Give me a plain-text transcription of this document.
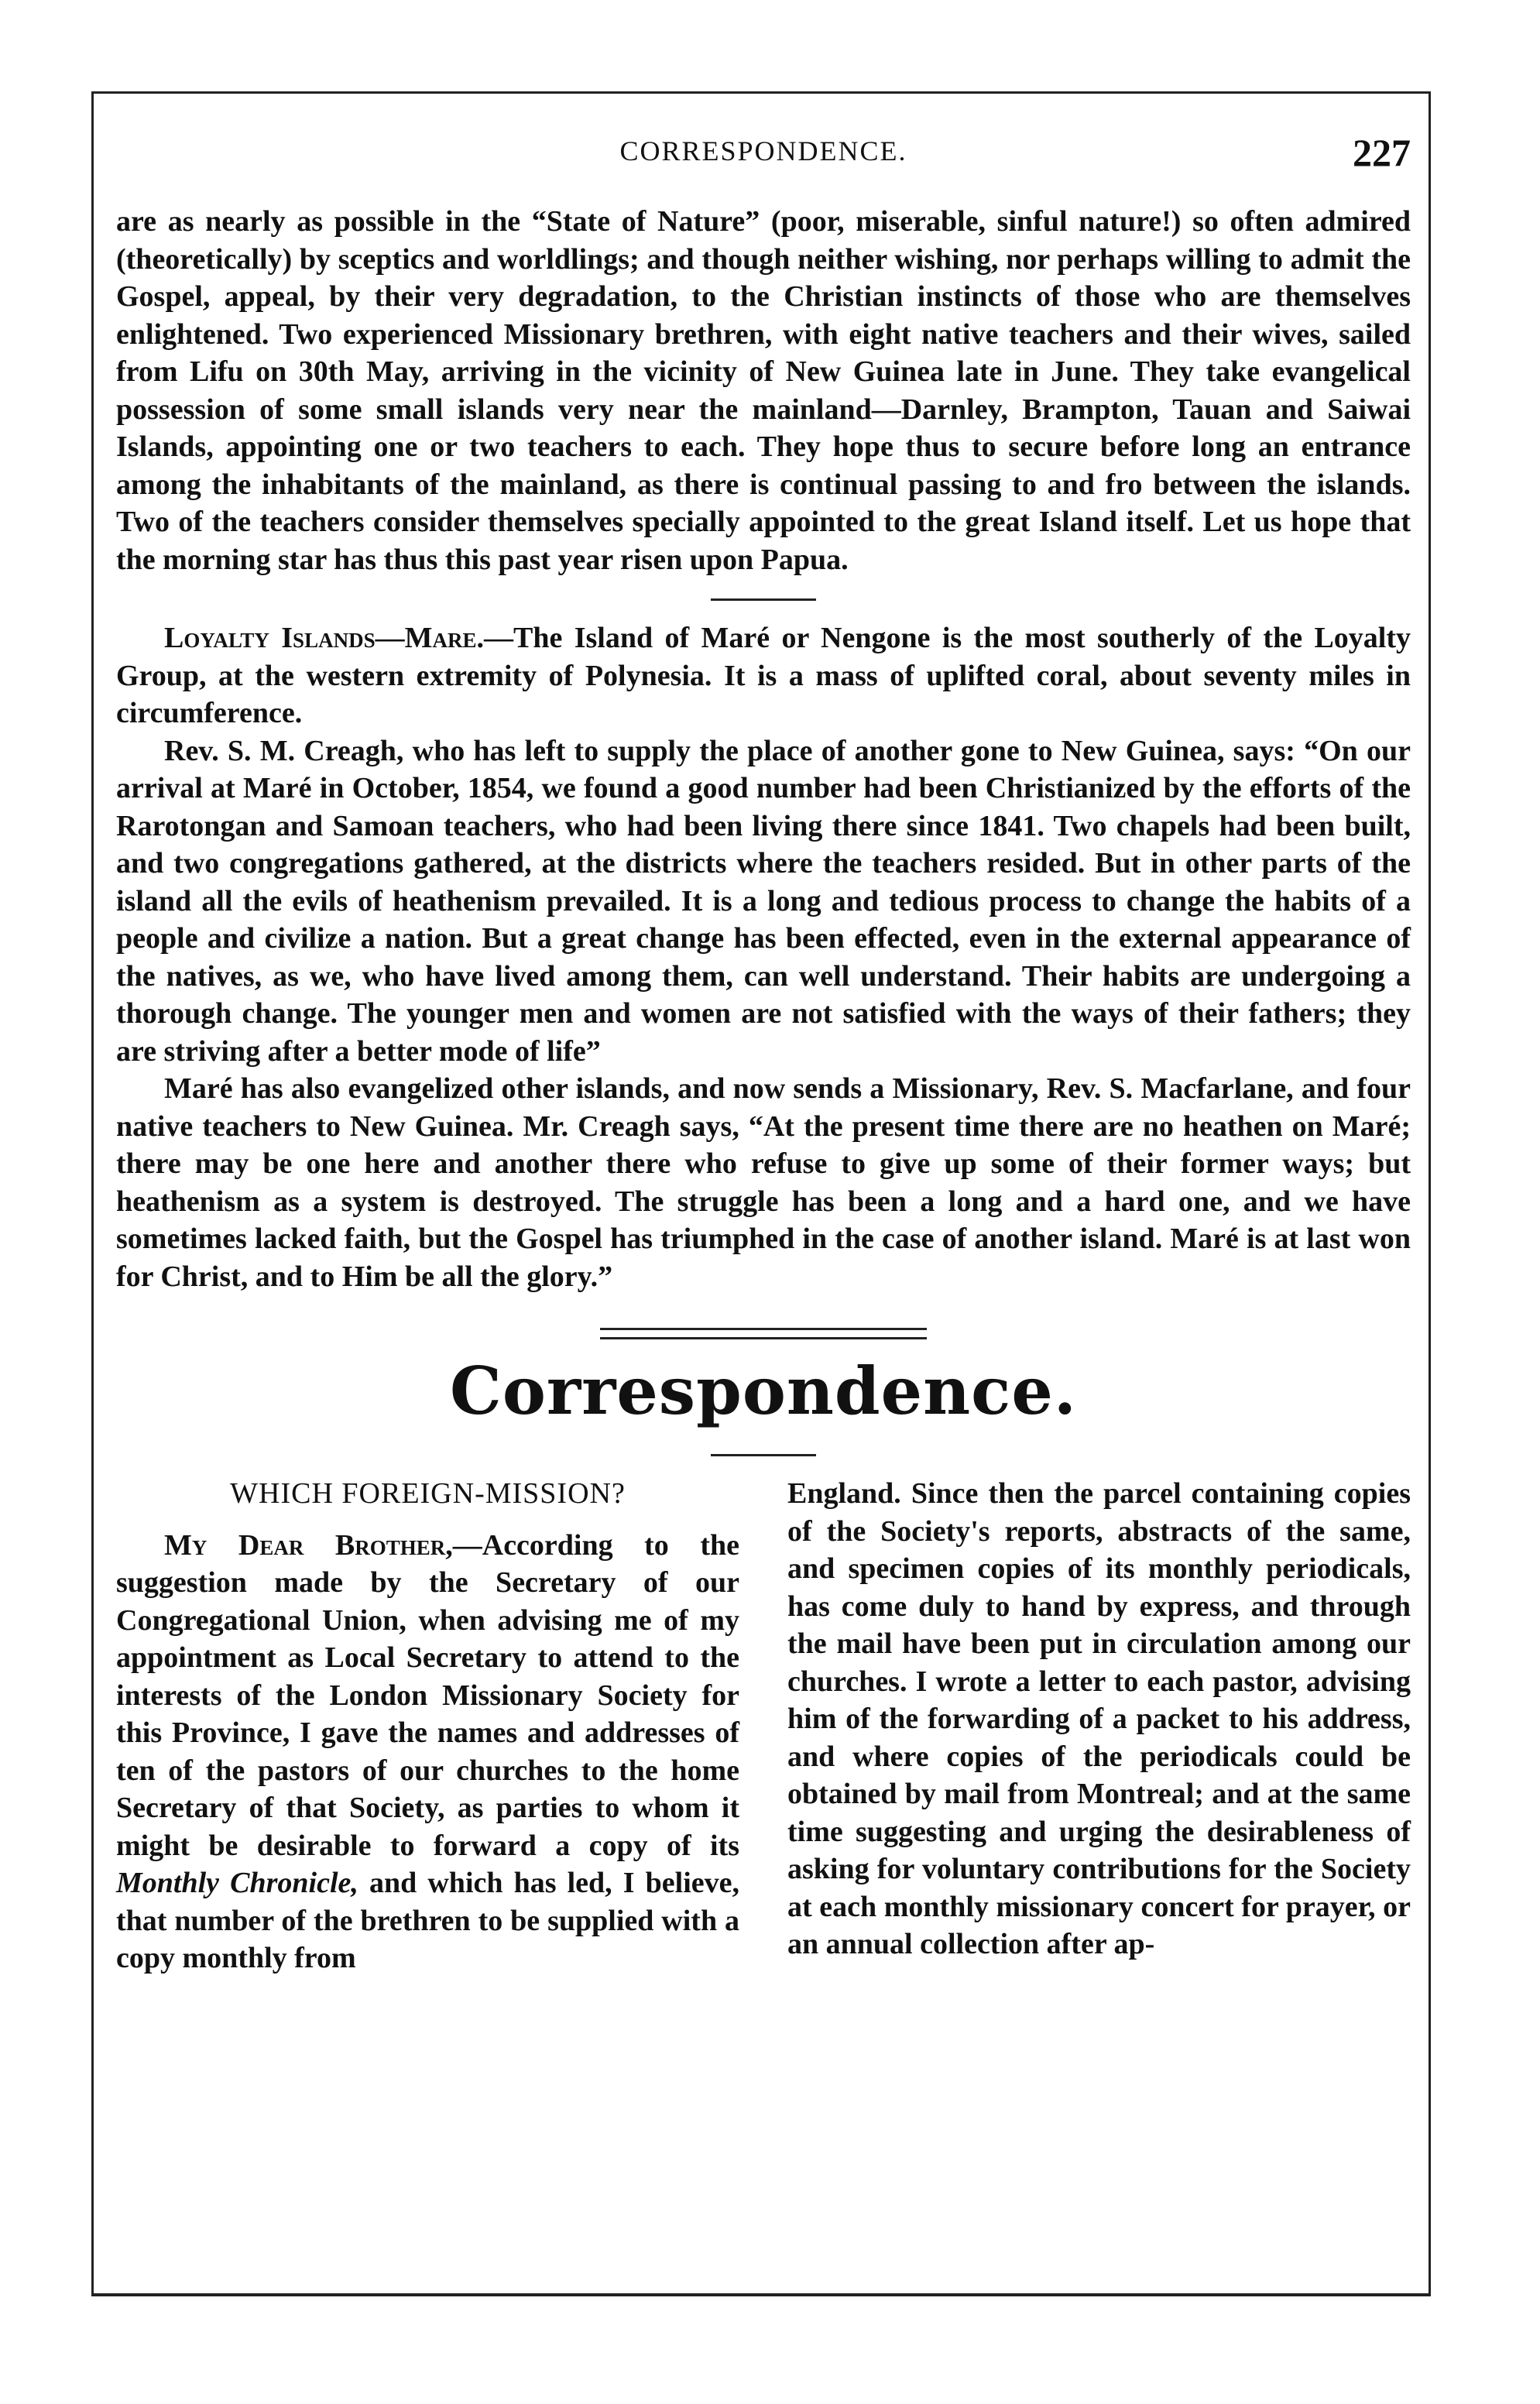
CORRESPONDENCE.	227

are as nearly as possible in the “State of Nature” (poor, miserable, sinful nature!) so often admired (theoretically) by sceptics and worldlings; and though neither wishing, nor perhaps willing to admit the Gospel, appeal, by their very degradation, to the Christian instincts of those who are themselves enlightened. Two experienced Missionary brethren, with eight native teachers and their wives, sailed from Lifu on 30th May, arriving in the vicinity of New Guinea late in June. They take evangelical possession of some small islands very near the mainland—Darnley, Brampton, Tauan and Saiwai Islands, appointing one or two teachers to each. They hope thus to secure before long an entrance among the inhabitants of the mainland, as there is continual passing to and fro between the islands. Two of the teachers consider themselves specially appointed to the great Island itself. Let us hope that the morning star has thus this past year risen upon Papua.

Loyalty Islands—Mare.—The Island of Maré or Nengone is the most southerly of the Loyalty Group, at the western extremity of Polynesia. It is a mass of uplifted coral, about seventy miles in circumference.

Rev. S. M. Creagh, who has left to supply the place of another gone to New Guinea, says: “On our arrival at Maré in October, 1854, we found a good number had been Christianized by the efforts of the Rarotongan and Samoan teachers, who had been living there since 1841. Two chapels had been built, and two congregations gathered, at the districts where the teachers resided. But in other parts of the island all the evils of heathenism prevailed. It is a long and tedious process to change the habits of a people and civilize a nation. But a great change has been effected, even in the external appearance of the natives, as we, who have lived among them, can well understand. Their habits are undergoing a thorough change. The younger men and women are not satisfied with the ways of their fathers; they are striving after a better mode of life”

Maré has also evangelized other islands, and now sends a Missionary, Rev. S. Macfarlane, and four native teachers to New Guinea. Mr. Creagh says, “At the present time there are no heathen on Maré; there may be one here and another there who refuse to give up some of their former ways; but heathenism as a system is destroyed. The struggle has been a long and a hard one, and we have sometimes lacked faith, but the Gospel has triumphed in the case of another island. Maré is at last won for Christ, and to Him be all the glory.”

Correspondence.
WHICH FOREIGN-MISSION?

My Dear Brother,—According to the suggestion made by the Secretary of our Congregational Union, when advising me of my appointment as Local Secretary to attend to the interests of the London Missionary Society for this Province, I gave the names and addresses of ten of the pastors of our churches to the home Secretary of that Society, as parties to whom it might be desirable to forward a copy of its Monthly Chronicle, and which has led, I believe, that number of the brethren to be supplied with a copy monthly from

England. Since then the parcel containing copies of the Society's reports, abstracts of the same, and specimen copies of its monthly periodicals, has come duly to hand by express, and through the mail have been put in circulation among our churches. I wrote a letter to each pastor, advising him of the forwarding of a packet to his address, and where copies of the periodicals could be obtained by mail from Montreal; and at the same time suggesting and urging the desirableness of asking for voluntary contributions for the Society at each monthly missionary concert for prayer, or an annual collection after ap-
